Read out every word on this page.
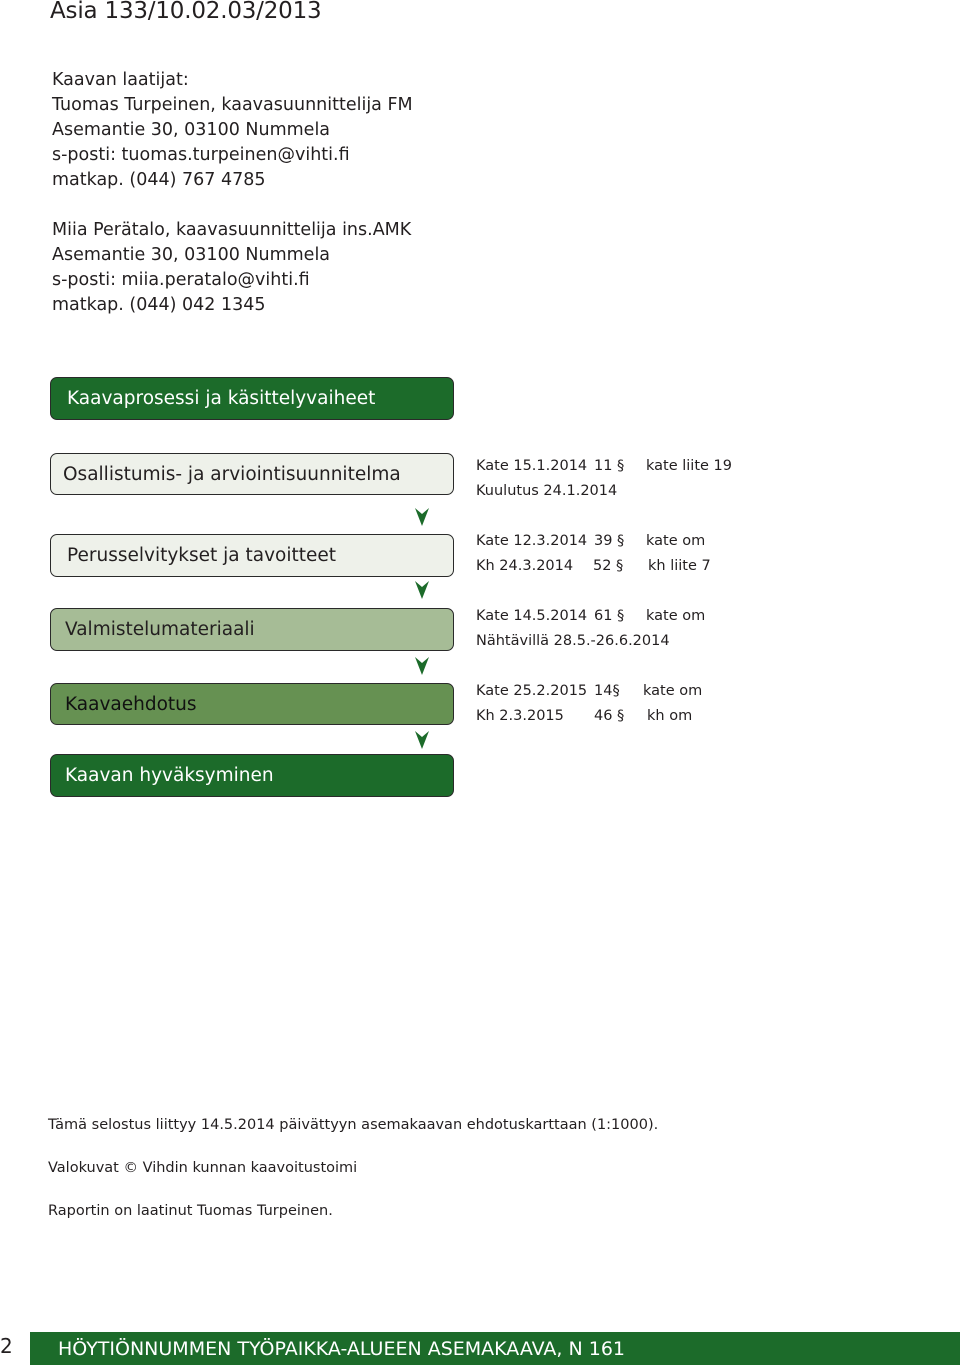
Asia 133/10.02.03/2013
Kaavan laatijat:
Tuomas Turpeinen, kaavasuunnittelija FM
Asemantie 30, 03100 Nummela
s-posti: tuomas.turpeinen@vihti.fi
matkap. (044) 767 4785
Miia Perätalo, kaavasuunnittelija ins.AMK
Asemantie 30, 03100 Nummela
s-posti: miia.peratalo@vihti.fi
matkap. (044) 042 1345
Kaavaprosessi ja käsittelyvaiheet
Osallistumis- ja arviointisuunnitelma
Perusselvitykset ja tavoitteet
Valmistelumateriaali
Kaavaehdotus
Kaavan hyväksyminen
Kate 15.1.2014 11 § kate liite 19
Kuulutus 24.1.2014
Kate 12.3.2014 39 § kate om
Kh 24.3.2014 52 § kh liite 7
Kate 14.5.2014 61 § kate om
Nähtävillä 28.5.-26.6.2014
Kate 25.2.2015 14§ kate om
Kh 2.3.2015 46 § kh om
Tämä selostus liittyy 14.5.2014 päivättyyn asemakaavan ehdotuskarttaan (1:1000).
Valokuvat © Vihdin kunnan kaavoitustoimi
Raportin on laatinut Tuomas Turpeinen.
2 HÖYTIÖNNUMMEN TYÖPAIKKA-ALUEEN ASEMAKAAVA, N 161
